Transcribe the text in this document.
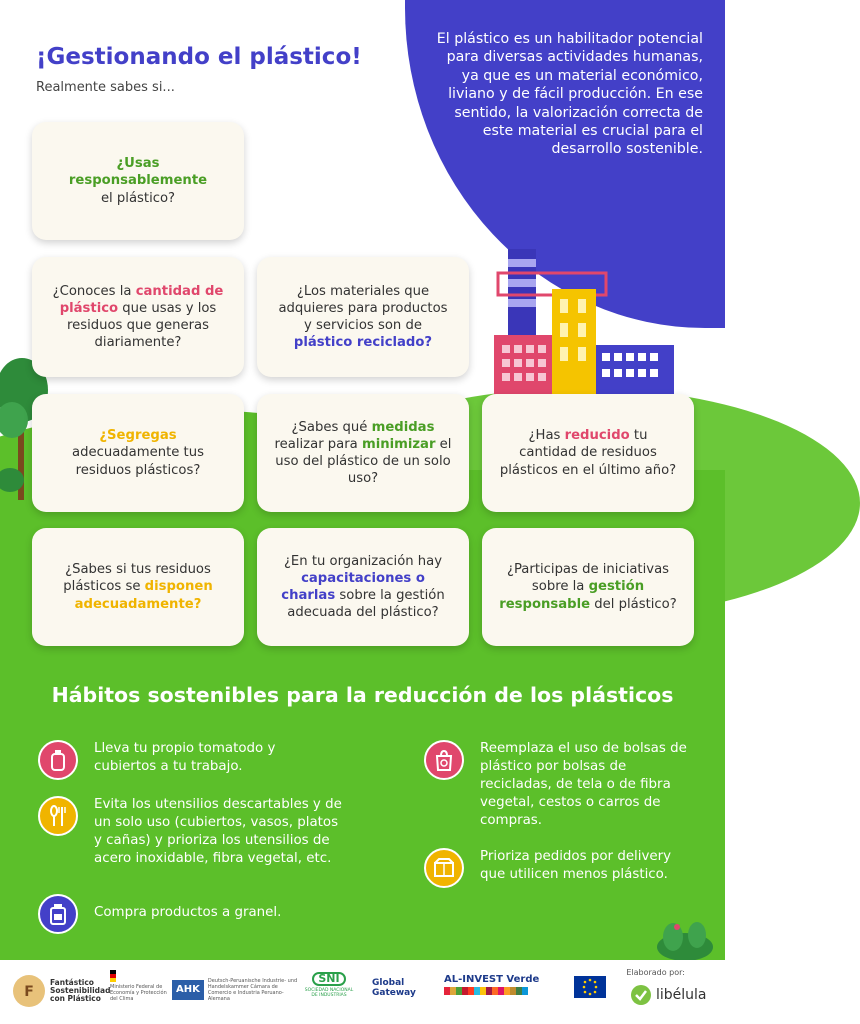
El plástico es un habilitador potencial para diversas actividades humanas, ya que es un material económico, liviano y de fácil producción. En ese sentido, la valorización correcta de este material es crucial para el desarrollo sostenible.

¡Gestionando el plástico!

Realmente sabes si...

¿Usas responsablemente
el plástico?
¿Conoces la cantidad de plástico que usas y los residuos que generas diariamente?
¿Los materiales que adquieres para productos y servicios son de plástico reciclado?
¿Segregas adecuadamente tus residuos plásticos?
¿Sabes qué medidas realizar para minimizar el uso del plástico de un solo uso?
¿Has reducido tu cantidad de residuos plásticos en el último año?
¿Sabes si tus residuos plásticos se disponen adecuadamente?
¿En tu organización hay capacitaciones o charlas sobre la gestión adecuada del plástico?
¿Participas de iniciativas sobre la gestión responsable del plástico?
Hábitos sostenibles para la reducción de los plásticos
Lleva tu propio tomatodo y cubiertos a tu trabajo.
Evita los utensilios descartables y de un solo uso (cubiertos, vasos, platos y cañas) y prioriza los utensilios de acero inoxidable, fibra vegetal, etc.
Compra productos a granel.
Reemplaza el uso de bolsas de plástico por bolsas de recicladas, de tela o de fibra vegetal, cestos o carros de compras.
Prioriza pedidos por delivery que utilicen menos plástico.
F
Fantástico Sostenibilidad con Plástico
Ministerio Federal de Economía y Protección del Clima
AHK
Deutsch-Peruanische Industrie- und Handelskammer Cámara de Comercio e Industria Peruano-Alemana
SNI
SOCIEDAD NACIONAL DE INDUSTRIAS
Global Gateway
AL-INVEST Verde
Elaborado por:
libélula
